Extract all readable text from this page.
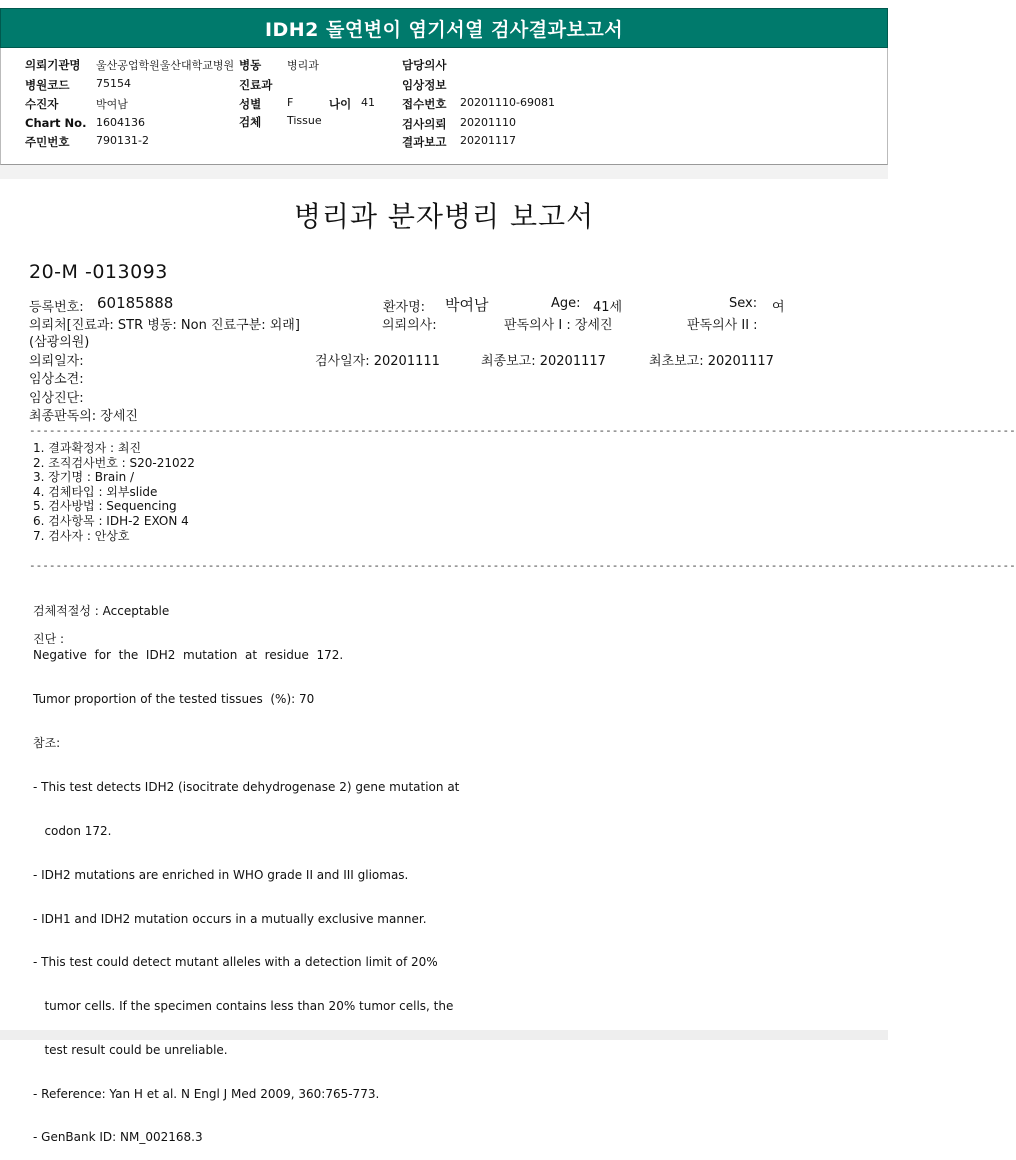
IDH2 돌연변이 염기서열 검사결과보고서
의뢰기관명 울산공업학원울산대학교병원 병동 병리과	담당의사
병원코드 75154	진료과	임상정보
수진자	박여남	성별 F	나이 41 접수번호 20201110-69081
Chart No. 1604136	검체 Tissue	검사의뢰 20201110
주민번호 790131-2	결과보고 20201117
병리과 분자병리 보고서
20-M -013093
등록번호: 60185888	환자명: 박여남	Age: 41세	Sex: 여
의뢰처[진료과: STR 병동: Non 진료구분: 외래]	의뢰의사:	판독의사 I : 장세진	판독의사 II :
(삼광의원)
의뢰일자:	검사일자: 20201111	최종보고: 20201117	최초보고: 20201117
임상소견:
임상진단:
최종판독의: 장세진
-----------------------------------------------------------------------------------------------------------------------------------------------------
1. 결과확정자 : 최진
2. 조직검사번호 : S20-21022
3. 장기명 : Brain /
4. 검체타입 : 외부slide
5. 검사방법 : Sequencing
6. 검사항목 : IDH-2 EXON 4
7. 검사자 : 안상호
-----------------------------------------------------------------------------------------------------------------------------------------------------
검체적절성 : Acceptable
진단 :
Negative  for  the  IDH2  mutation  at  residue  172.
Tumor proportion of the tested tissues  (%): 70
참조:

- This test detects IDH2 (isocitrate dehydrogenase 2) gene mutation at

codon 172.

- IDH2 mutations are enriched in WHO grade II and III gliomas.

- IDH1 and IDH2 mutation occurs in a mutually exclusive manner.

- This test could detect mutant alleles with a detection limit of 20%

tumor cells. If the specimen contains less than 20% tumor cells, the

test result could be unreliable.

- Reference: Yan H et al. N Engl J Med 2009, 360:765-773.

- GenBank ID: NM_002168.3
